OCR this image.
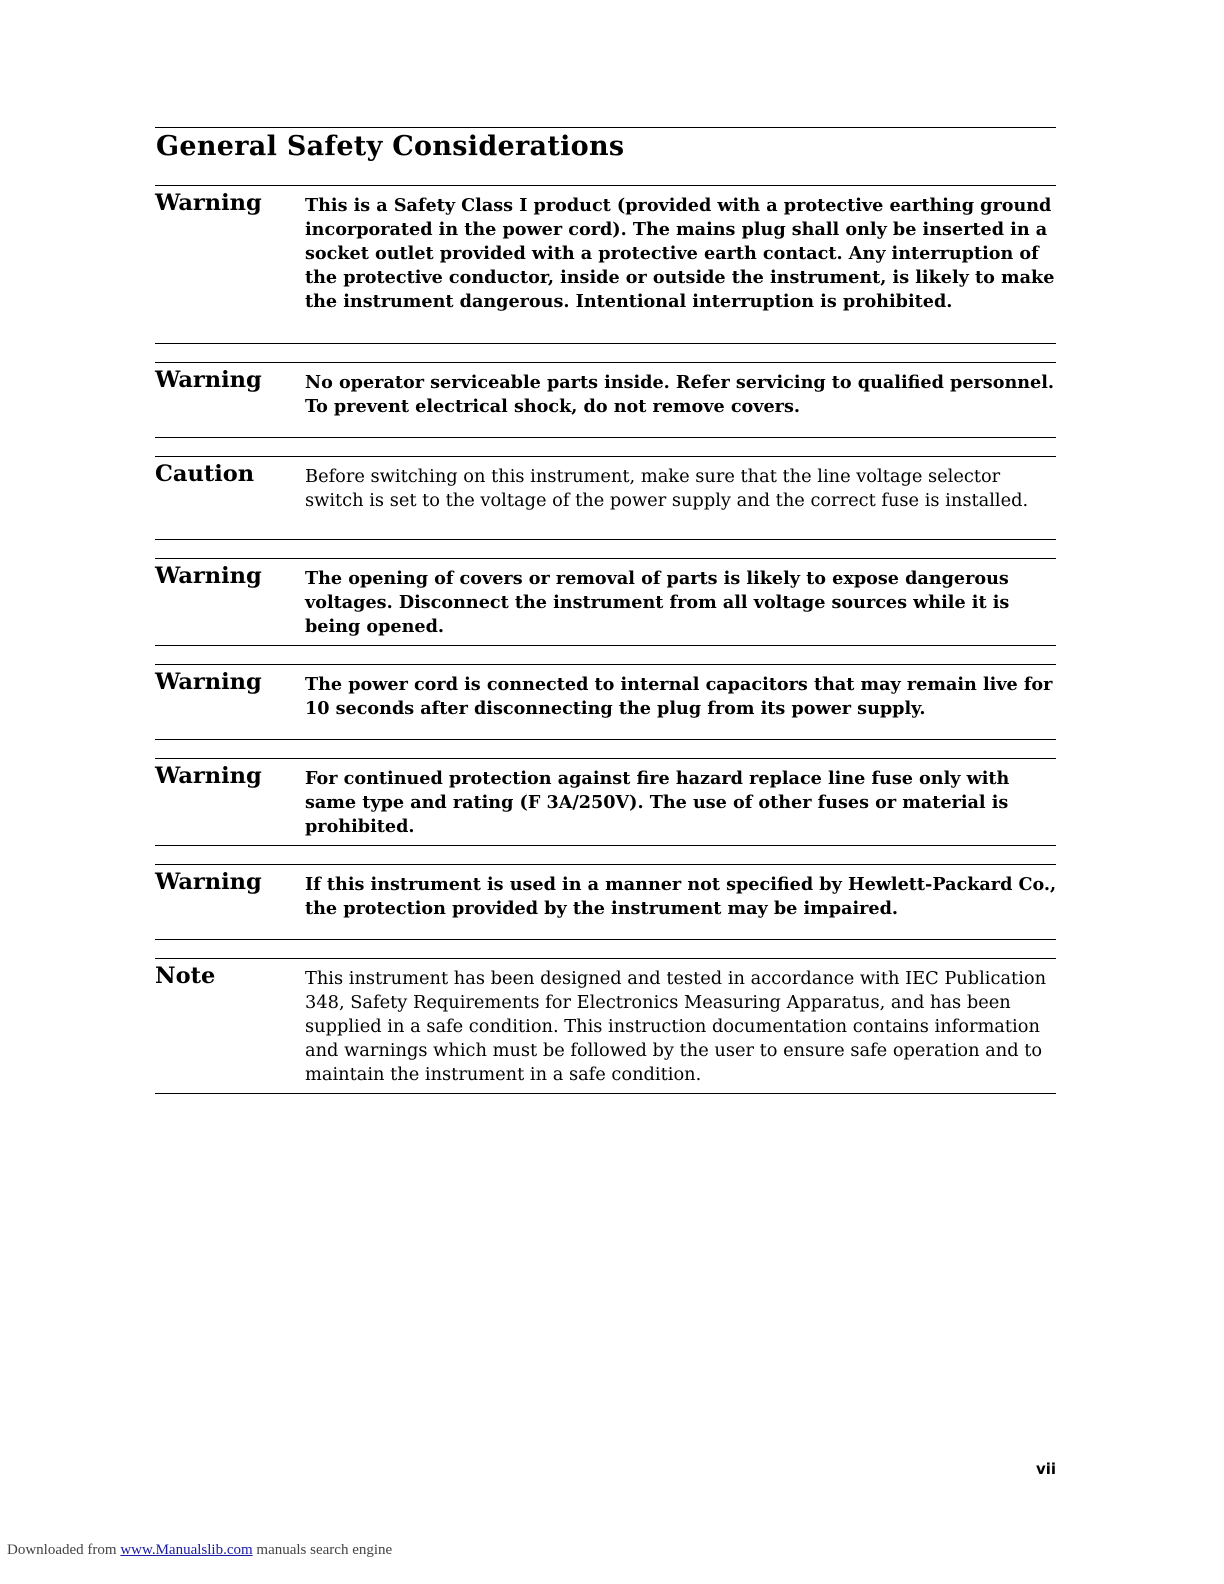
General Safety Considerations
Warning This is a Safety Class I product (provided with a protective earthing ground incorporated in the power cord). The mains plug shall only be inserted in a socket outlet provided with a protective earth contact. Any interruption of the protective conductor, inside or outside the instrument, is likely to make the instrument dangerous. Intentional interruption is prohibited.
Warning No operator serviceable parts inside. Refer servicing to qualified personnel. To prevent electrical shock, do not remove covers.
Caution	Before switching on this instrument, make sure that the line voltage selector switch is set to the voltage of the power supply and the correct fuse is installed.
Warning The opening of covers or removal of parts is likely to expose dangerous voltages. Disconnect the instrument from all voltage sources while it is being opened.
Warning The power cord is connected to internal capacitors that may remain live for 10 seconds after disconnecting the plug from its power supply.
Warning For continued protection against fire hazard replace line fuse only with same type and rating (F 3A/250V). The use of other fuses or material is prohibited.
Warning If this instrument is used in a manner not specified by Hewlett-Packard Co., the protection provided by the instrument may be impaired.
Note	This instrument has been designed and tested in accordance with IEC Publication 348, Safety Requirements for Electronics Measuring Apparatus, and has been supplied in a safe condition. This instruction documentation contains information and warnings which must be followed by the user to ensure safe operation and to maintain the instrument in a safe condition.
vii
Downloaded from www.Manualslib.com manuals search engine
